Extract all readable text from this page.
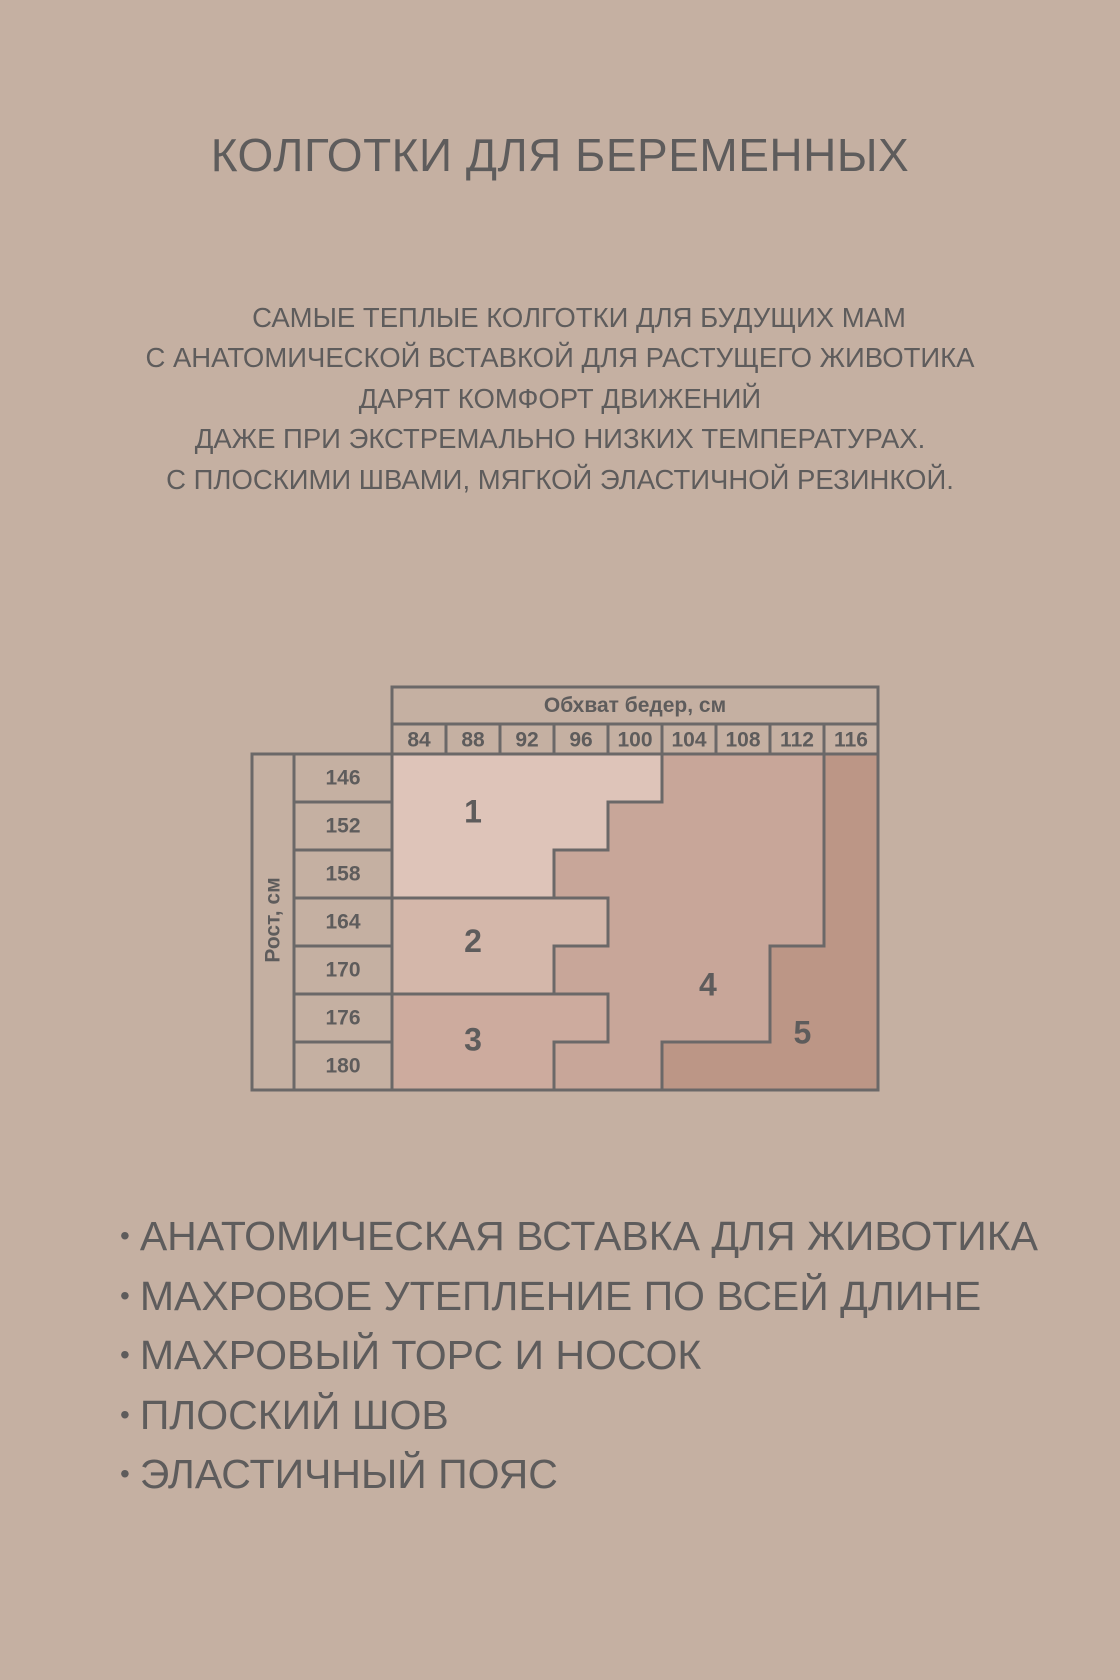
КОЛГОТКИ ДЛЯ БЕРЕМЕННЫХ
САМЫЕ ТЕПЛЫЕ КОЛГОТКИ ДЛЯ БУДУЩИХ МАМ
С АНАТОМИЧЕСКОЙ ВСТАВКОЙ ДЛЯ РАСТУЩЕГО ЖИВОТИКА
ДАРЯТ КОМФОРТ ДВИЖЕНИЙ
ДАЖЕ ПРИ ЭКСТРЕМАЛЬНО НИЗКИХ ТЕМПЕРАТУРАХ.
С ПЛОСКИМИ ШВАМИ, МЯГКОЙ ЭЛАСТИЧНОЙ РЕЗИНКОЙ.
Обхват бедер, см
84 88 92 96 100 104 108 112 116
146
152
158
164
170
176
180
Рост, см
1
2
3
4
5
• АНАТОМИЧЕСКАЯ ВСТАВКА ДЛЯ ЖИВОТИКА
• МАХРОВОЕ УТЕПЛЕНИЕ ПО ВСЕЙ ДЛИНЕ
• МАХРОВЫЙ ТОРС И НОСОК
• ПЛОСКИЙ ШОВ
• ЭЛАСТИЧНЫЙ ПОЯС
